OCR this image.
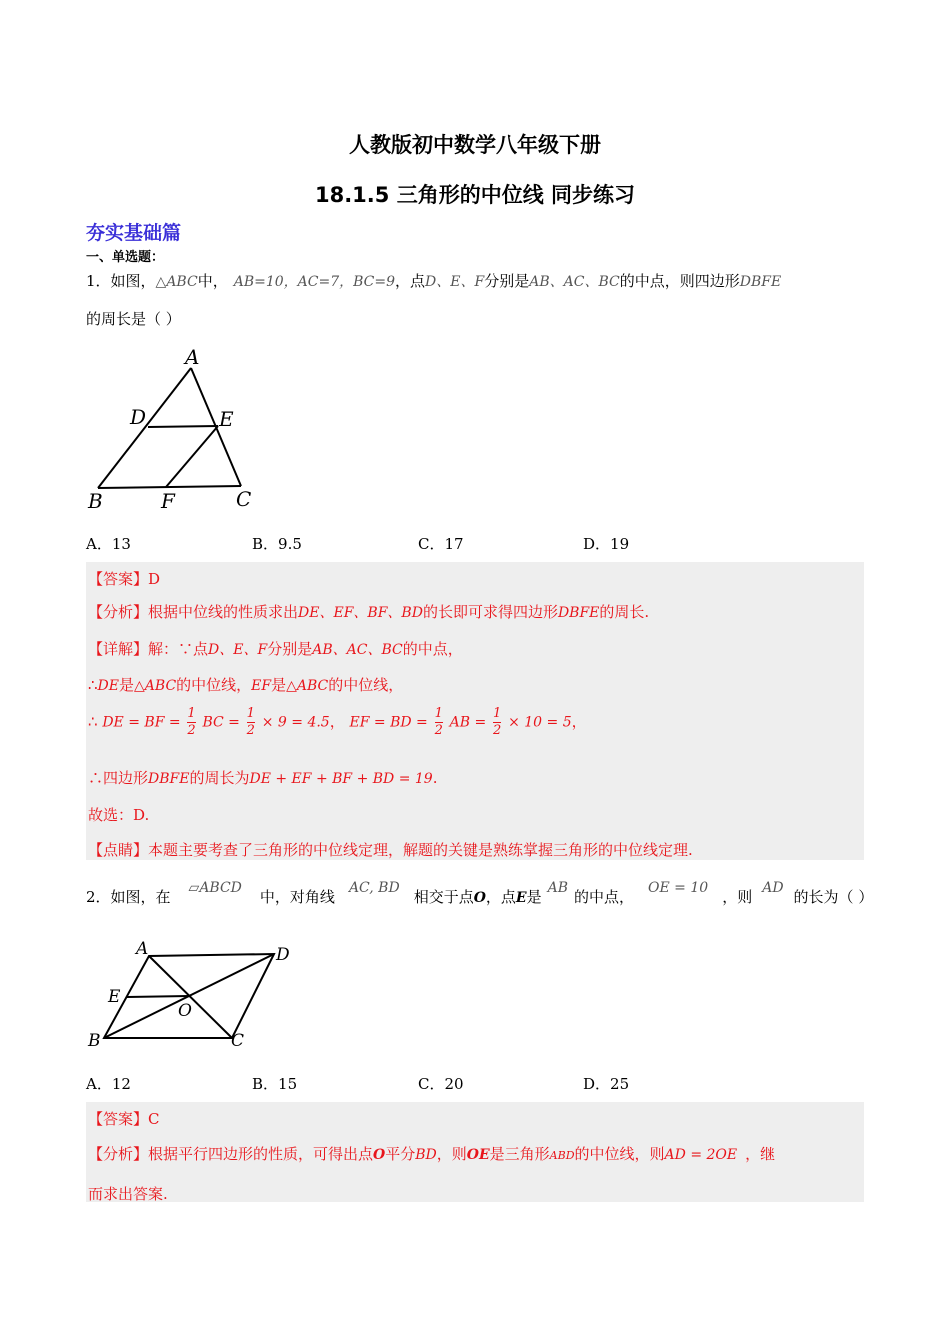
人教版初中数学八年级下册
18.1.5 三角形的中位线 同步练习
夯实基础篇
一、单选题：
1．如图，△ABC中， AB=10，AC=7，BC=9，点D、E、F分别是AB、AC、BC的中点，则四边形DBFE
的周长是（ ）
A
B	C
D	E
F
A．13	B．9.5	C．17	D．19
【答案】D
【分析】根据中位线的性质求出DE、EF、BF、BD的长即可求得四边形DBFE的周长.
【详解】解：∵点D、E、F分别是AB、AC、BC的中点，
∴DE是△ABC的中位线，EF是△ABC的中位线，
∴ DE = BF = $\frac{1}{2}$ BC = $\frac{1}{2} \times 9 = 4.5$， EF = BD = $\frac{1}{2}$ AB = $\frac{1}{2} \times 10 = 5$，
∴四边形DBFE的周长为DE + EF + BF + BD = 19.
故选：D.
【点睛】本题主要考查了三角形的中位线定理，解题的关键是熟练掌握三角形的中位线定理.
2．如图，在 ▱ABCD 中，对角线 AC, BD 相交于点O，点E是 AB 的中点， OE = 10 ，则 AD 的长为（ ）
A	D
E
O
B	C
A．12	B．15	C．20	D．25
【答案】C
【分析】根据平行四边形的性质，可得出点O平分BD，则OE是三角形ABD的中位线，则AD = 2OE ，继
而求出答案.
